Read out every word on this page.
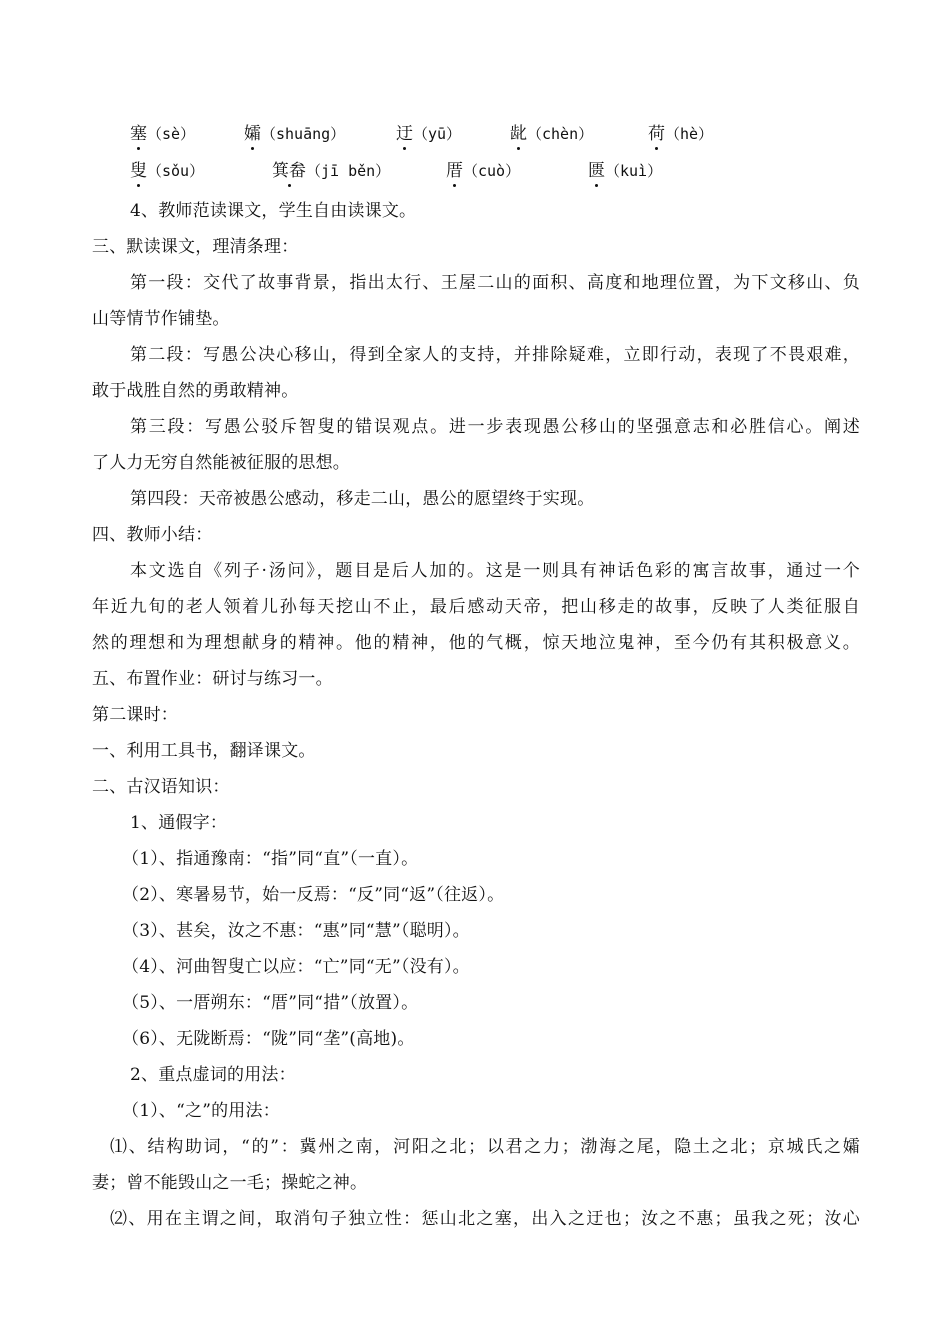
塞（sè）	孀（shuāng）	迂（yū）	龀（chèn）	荷（hè）
叟（sǒu）	箕畚（jī běn）	厝（cuò）	匮（kuì）
4、教师范读课文，学生自由读课文。
三、默读课文，理清条理：
第一段：交代了故事背景，指出太行、王屋二山的面积、高度和地理位置，为下文移山、负
山等情节作铺垫。
第二段：写愚公决心移山，得到全家人的支持，并排除疑难，立即行动，表现了不畏艰难，
敢于战胜自然的勇敢精神。
第三段：写愚公驳斥智叟的错误观点。进一步表现愚公移山的坚强意志和必胜信心。阐述
了人力无穷自然能被征服的思想。
第四段：天帝被愚公感动，移走二山，愚公的愿望终于实现。
四、教师小结：
本文选自《列子·汤问》，题目是后人加的。这是一则具有神话色彩的寓言故事，通过一个
年近九旬的老人领着儿孙每天挖山不止，最后感动天帝，把山移走的故事，反映了人类征服自
然的理想和为理想献身的精神。他的精神，他的气概，惊天地泣鬼神，至今仍有其积极意义。
五、布置作业：研讨与练习一。
第二课时：
一、利用工具书，翻译课文。
二、古汉语知识：
1、通假字：
（1）、指通豫南：“指”同“直”（一直）。
（2）、寒暑易节，始一反焉：“反”同“返”（往返）。
（3）、甚矣，汝之不惠：“惠”同“慧”（聪明）。
（4）、河曲智叟亡以应：“亡”同“无”（没有）。
（5）、一厝朔东：“厝”同“措”（放置）。
（6）、无陇断焉：“陇”同“垄”(高地)。
2、重点虚词的用法：
（1）、“之”的用法：
⑴、结构助词，“的”：冀州之南，河阳之北；以君之力；渤海之尾，隐土之北；京城氏之孀
妻；曾不能毁山之一毛；操蛇之神。
⑵、用在主谓之间，取消句子独立性：惩山北之塞，出入之迂也；汝之不惠；虽我之死；汝心
